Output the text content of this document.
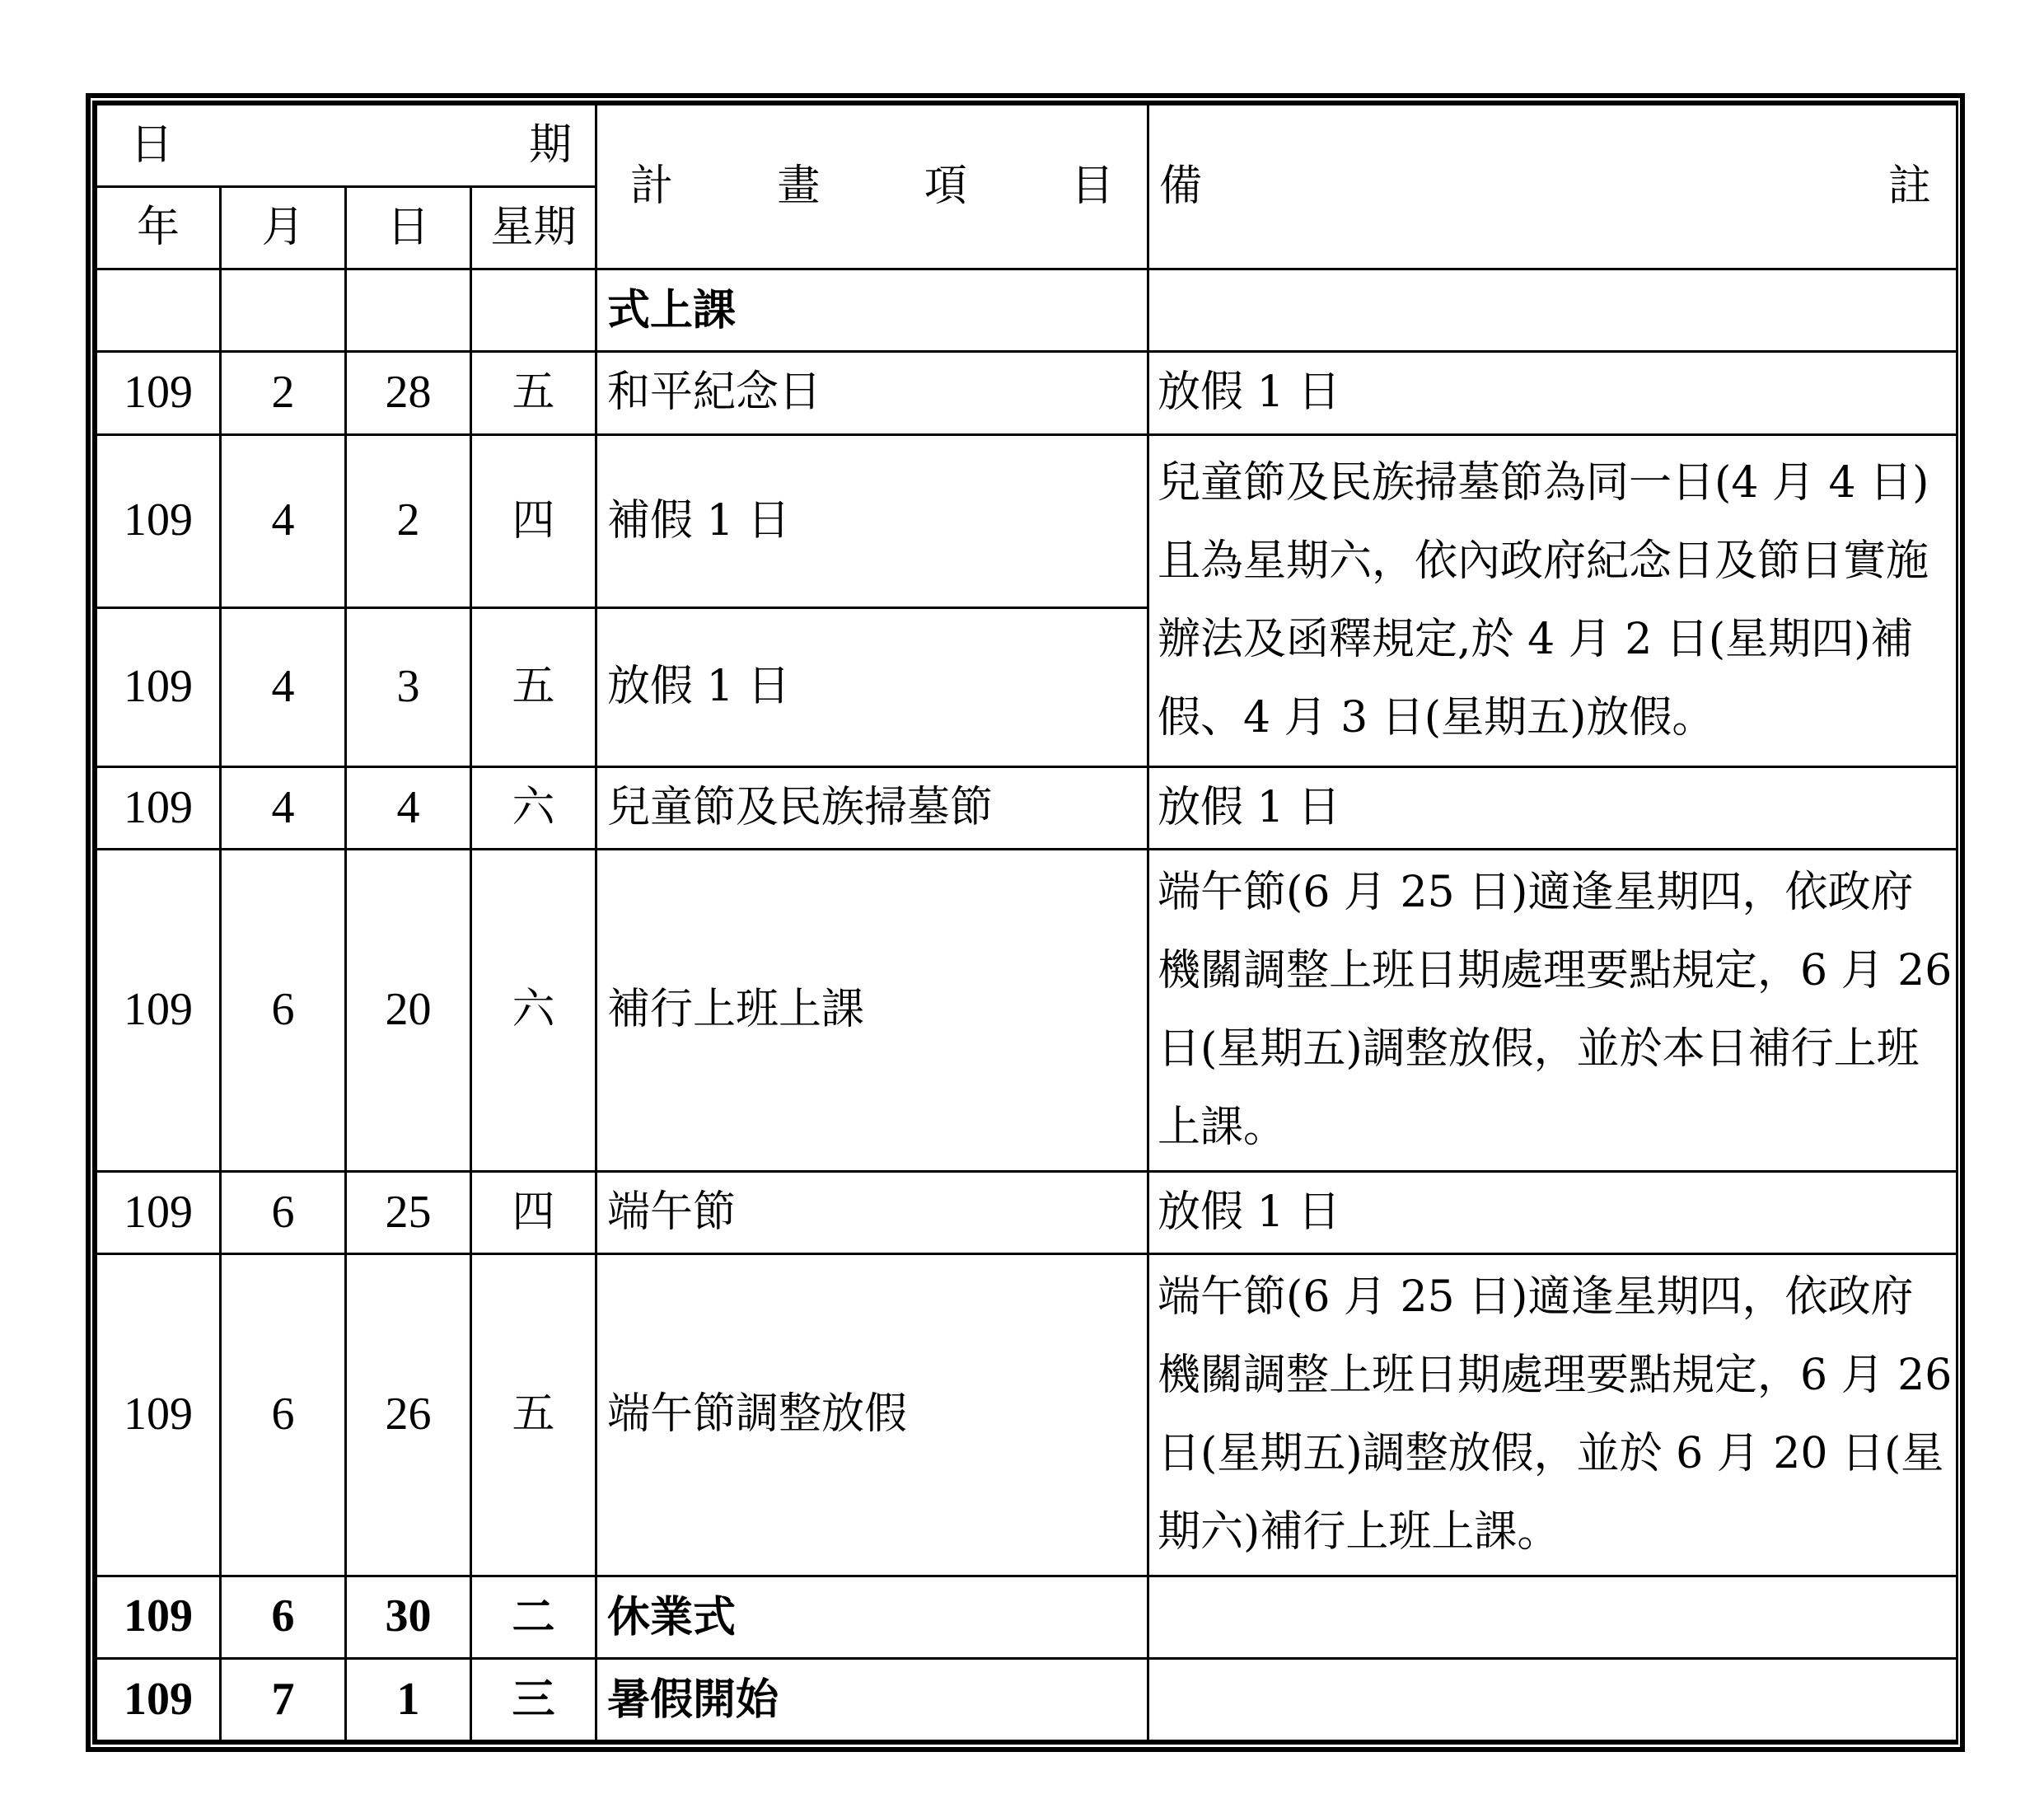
日 期				計 畫 項 目	備 註

年	月	日	星期		
				式上課	
109	2	28	五	和平紀念日	放假 1 日
109	4	2	四	補假 1 日	兒童節及民族掃墓節為同一日(4 月 4 日)且為星期六，依內政府紀念日及節日實施辦法及函釋規定,於 4 月 2 日(星期四)補假、4 月 3 日(星期五)放假。
109	4	3	五	放假 1 日	
109	4	4	六	兒童節及民族掃墓節	放假 1 日
109	6	20	六	補行上班上課	端午節(6 月 25 日)適逢星期四，依政府機關調整上班日期處理要點規定，6 月 26 日(星期五)調整放假，並於本日補行上班上課。
109	6	25	四	端午節	放假 1 日
109	6	26	五	端午節調整放假	端午節(6 月 25 日)適逢星期四，依政府機關調整上班日期處理要點規定，6 月 26 日(星期五)調整放假，並於 6 月 20 日(星期六)補行上班上課。
109	6	30	二	休業式	
109	7	1	三	暑假開始	
